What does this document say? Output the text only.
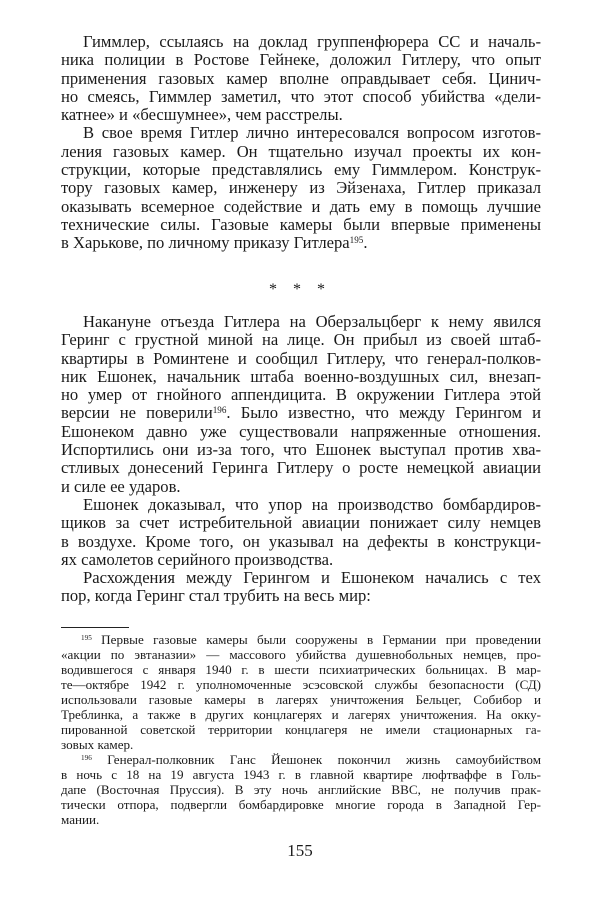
Гиммлер, ссылаясь на доклад группенфюрера СС и началь-
ника полиции в Ростове Гейнеке, доложил Гитлеру, что опыт
применения газовых камер вполне оправдывает себя. Цинич-
но смеясь, Гиммлер заметил, что этот способ убийства «дели-
катнее» и «бесшумнее», чем расстрелы.
В свое время Гитлер лично интересовался вопросом изготов-
ления газовых камер. Он тщательно изучал проекты их кон-
струкции, которые представлялись ему Гиммлером. Конструк-
тору газовых камер, инженеру из Эйзенаха, Гитлер приказал
оказывать всемерное содействие и дать ему в помощь лучшие
технические силы. Газовые камеры были впервые применены
в Харькове, по личному приказу Гитлера$^{195}$.
* * *
Накануне отъезда Гитлера на Оберзальцберг к нему явился
Геринг с грустной миной на лице. Он прибыл из своей штаб-
квартиры в Роминтене и сообщил Гитлеру, что генерал-полков-
ник Ешонек, начальник штаба военно-воздушных сил, внезап-
но умер от гнойного аппендицита. В окружении Гитлера этой
версии не поверили$^{196}$. Было известно, что между Герингом и
Ешонеком давно уже существовали напряженные отношения.
Испортились они из-за того, что Ешонек выступал против хва-
стливых донесений Геринга Гитлеру о росте немецкой авиации
и силе ее ударов.
Ешонек доказывал, что упор на производство бомбардиров-
щиков за счет истребительной авиации понижает силу немцев
в воздухе. Кроме того, он указывал на дефекты в конструкци-
ях самолетов серийного производства.
Расхождения между Герингом и Ешонеком начались с тех
пор, когда Геринг стал трубить на весь мир:
$^{195}$ Первые газовые камеры были сооружены в Германии при проведении
«акции по эвтаназии» — массового убийства душевнобольных немцев, про-
водившегося с января 1940 г. в шести психиатрических больницах. В мар-
те—октябре 1942 г. уполномоченные эсэсовской службы безопасности (СД)
использовали газовые камеры в лагерях уничтожения Бельцег, Собибор и
Треблинка, а также в других концлагерях и лагерях уничтожения. На окку-
пированной советской территории концлагеря не имели стационарных га-
зовых камер.
$^{196}$ Генерал-полковник Ганс Йешонек покончил жизнь самоубийством
в ночь с 18 на 19 августа 1943 г. в главной квартире люфтваффе в Голь-
дапе (Восточная Пруссия). В эту ночь английские ВВС, не получив прак-
тически отпора, подвергли бомбардировке многие города в Западной Гер-
мании.
155
